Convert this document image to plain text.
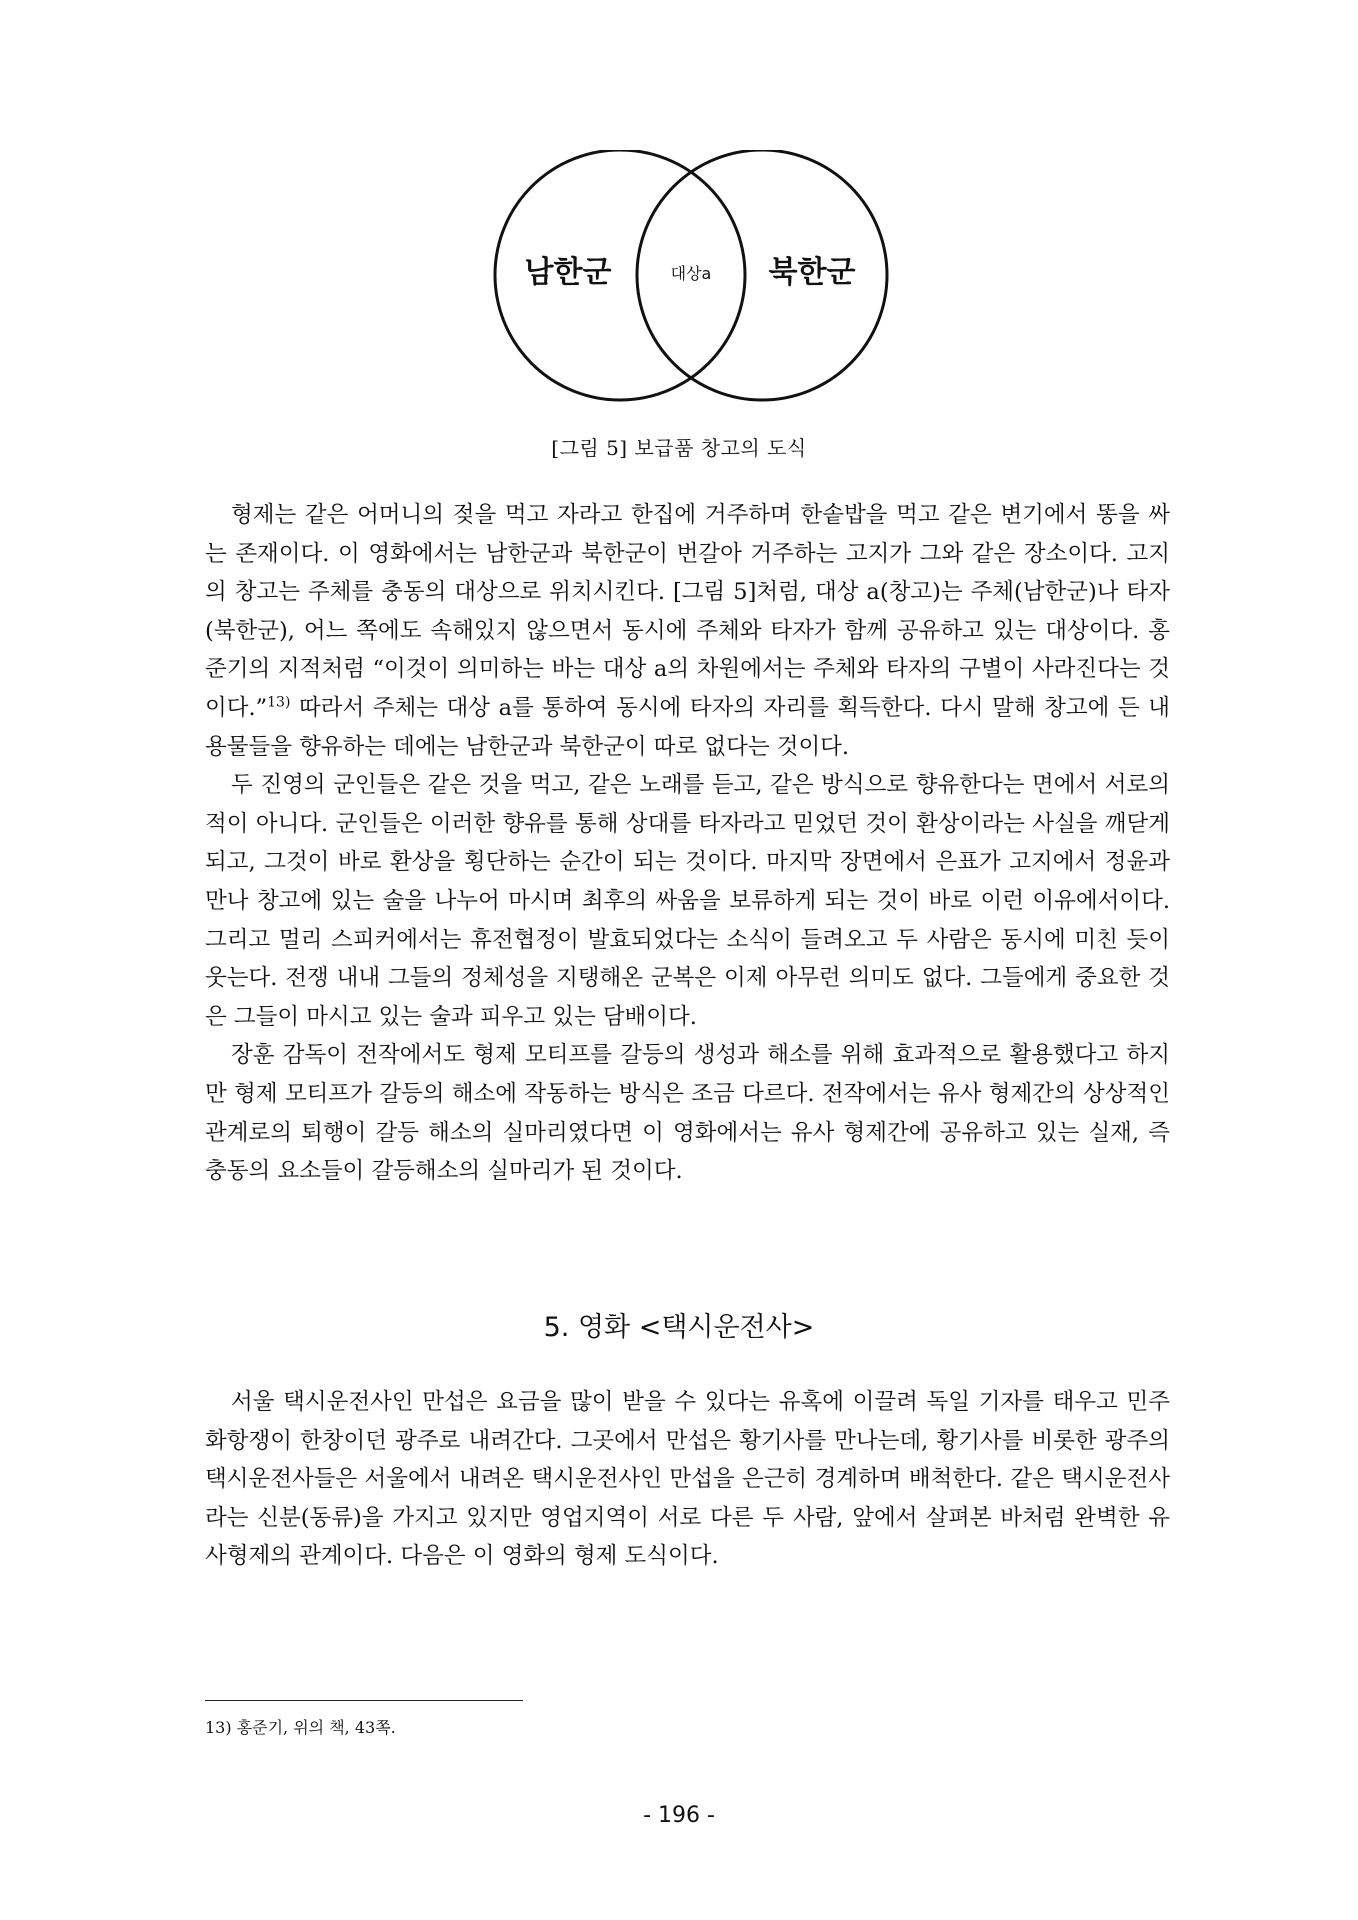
남한군	대상a 북한군
[그림 5] 보급품 창고의 도식

형제는 같은 어머니의 젖을 먹고 자라고 한집에 거주하며 한솥밥을 먹고 같은 변기에서 똥을 싸는 존재이다. 이 영화에서는 남한군과 북한군이 번갈아 거주하는 고지가 그와 같은 장소이다. 고지의 창고는 주체를 충동의 대상으로 위치시킨다. [그림 5]처럼, 대상 a(창고)는 주체(남한군)나 타자(북한군), 어느 쪽에도 속해있지 않으면서 동시에 주체와 타자가 함께 공유하고 있는 대상이다. 홍준기의 지적처럼 “이것이 의미하는 바는 대상 a의 차원에서는 주체와 타자의 구별이 사라진다는 것이다.”$^{13)}$ 따라서 주체는 대상 a를 통하여 동시에 타자의 자리를 획득한다. 다시 말해 창고에 든 내용물들을 향유하는 데에는 남한군과 북한군이 따로 없다는 것이다.

두 진영의 군인들은 같은 것을 먹고, 같은 노래를 듣고, 같은 방식으로 향유한다는 면에서 서로의 적이 아니다. 군인들은 이러한 향유를 통해 상대를 타자라고 믿었던 것이 환상이라는 사실을 깨닫게 되고, 그것이 바로 환상을 횡단하는 순간이 되는 것이다. 마지막 장면에서 은표가 고지에서 정윤과 만나 창고에 있는 술을 나누어 마시며 최후의 싸움을 보류하게 되는 것이 바로 이런 이유에서이다. 그리고 멀리 스피커에서는 휴전협정이 발효되었다는 소식이 들려오고 두 사람은 동시에 미친 듯이 웃는다. 전쟁 내내 그들의 정체성을 지탱해온 군복은 이제 아무런 의미도 없다. 그들에게 중요한 것은 그들이 마시고 있는 술과 피우고 있는 담배이다.

장훈 감독이 전작에서도 형제 모티프를 갈등의 생성과 해소를 위해 효과적으로 활용했다고 하지만 형제 모티프가 갈등의 해소에 작동하는 방식은 조금 다르다. 전작에서는 유사 형제간의 상상적인 관계로의 퇴행이 갈등 해소의 실마리였다면 이 영화에서는 유사 형제간에 공유하고 있는 실재, 즉 충동의 요소들이 갈등해소의 실마리가 된 것이다.

5. 영화 <택시운전사>

서울 택시운전사인 만섭은 요금을 많이 받을 수 있다는 유혹에 이끌려 독일 기자를 태우고 민주화항쟁이 한창이던 광주로 내려간다. 그곳에서 만섭은 황기사를 만나는데, 황기사를 비롯한 광주의 택시운전사들은 서울에서 내려온 택시운전사인 만섭을 은근히 경계하며 배척한다. 같은 택시운전사라는 신분(동류)을 가지고 있지만 영업지역이 서로 다른 두 사람, 앞에서 살펴본 바처럼 완벽한 유사형제의 관계이다. 다음은 이 영화의 형제 도식이다.

13) 홍준기, 위의 책, 43쪽.
- 196 -
